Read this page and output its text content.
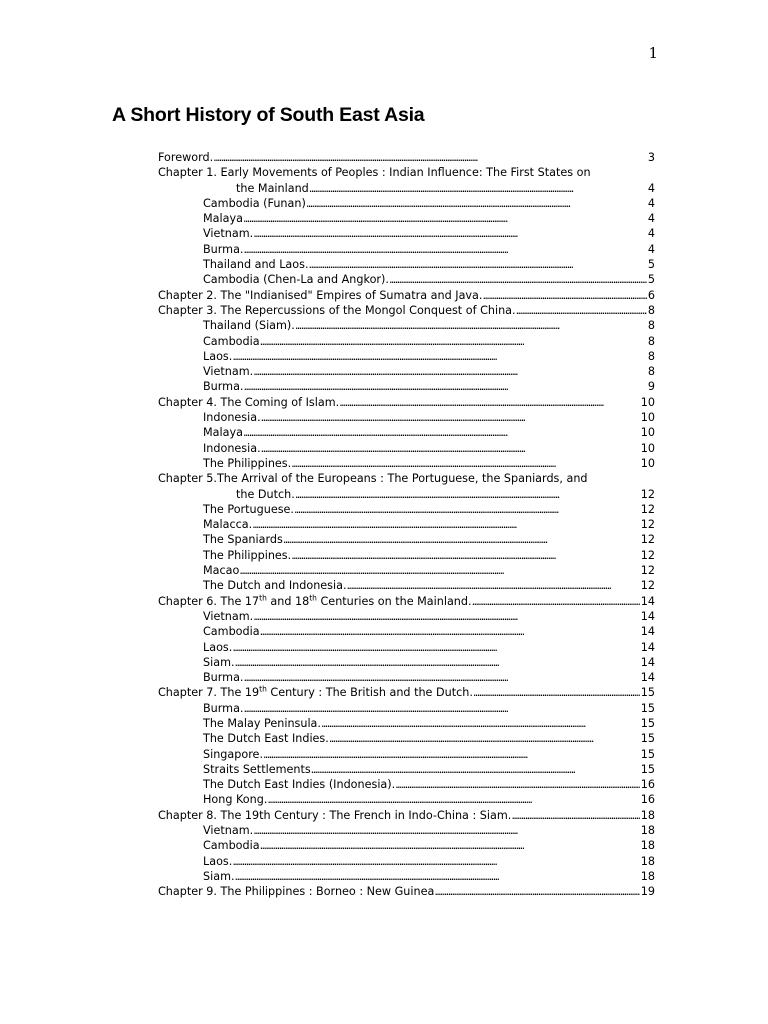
1
A Short History of South East Asia
Foreword. . . .	3
Chapter 1. Early Movements of Peoples : Indian Influence: The First States on
the Mainland . . .	4
Cambodia (Funan) . . .	4
Malaya . . .	4
Vietnam. . . .	4
Burma. . . .	4
Thailand and Laos. . . .	5
Cambodia (Chen-La and Angkor). . . .	5
Chapter 2. The "Indianised" Empires of Sumatra and Java. . . .	6
Chapter 3. The Repercussions of the Mongol Conquest of China. . . .	8
Thailand (Siam). . . .	8
Cambodia . . .	8
Laos. . . .	8
Vietnam. . . .	8
Burma. . . .	9
Chapter 4. The Coming of Islam. . . .	10
Indonesia. . . .	10
Malaya . . .	10
Indonesia. . . .	10
The Philippines. . . .	10
Chapter 5.The Arrival of the Europeans : The Portuguese, the Spaniards, and
the Dutch. . . .	12
The Portuguese. . . .	12
Malacca. . . .	12
The Spaniards . . .	12
The Philippines. . . .	12
Macao . . .	12
The Dutch and Indonesia. . . .	12
Chapter 6. The 17th and 18th Centuries on the Mainland. . . .	14
Vietnam. . . .	14
Cambodia . . .	14
Laos. . . .	14
Siam. . . .	14
Burma. . . .	14
Chapter 7. The 19th Century : The British and the Dutch. . . .	15
Burma. . . .	15
The Malay Peninsula. . . .	15
The Dutch East Indies. . . .	15
Singapore. . . .	15
Straits Settlements . . .	15
The Dutch East Indies (Indonesia). . . .	16
Hong Kong. . . .	16
Chapter 8. The 19th Century : The French in Indo-China : Siam. . . .	18
Vietnam. . . .	18
Cambodia . . .	18
Laos. . . .	18
Siam. . . .	18
Chapter 9. The Philippines : Borneo : New Guinea . . .	19
